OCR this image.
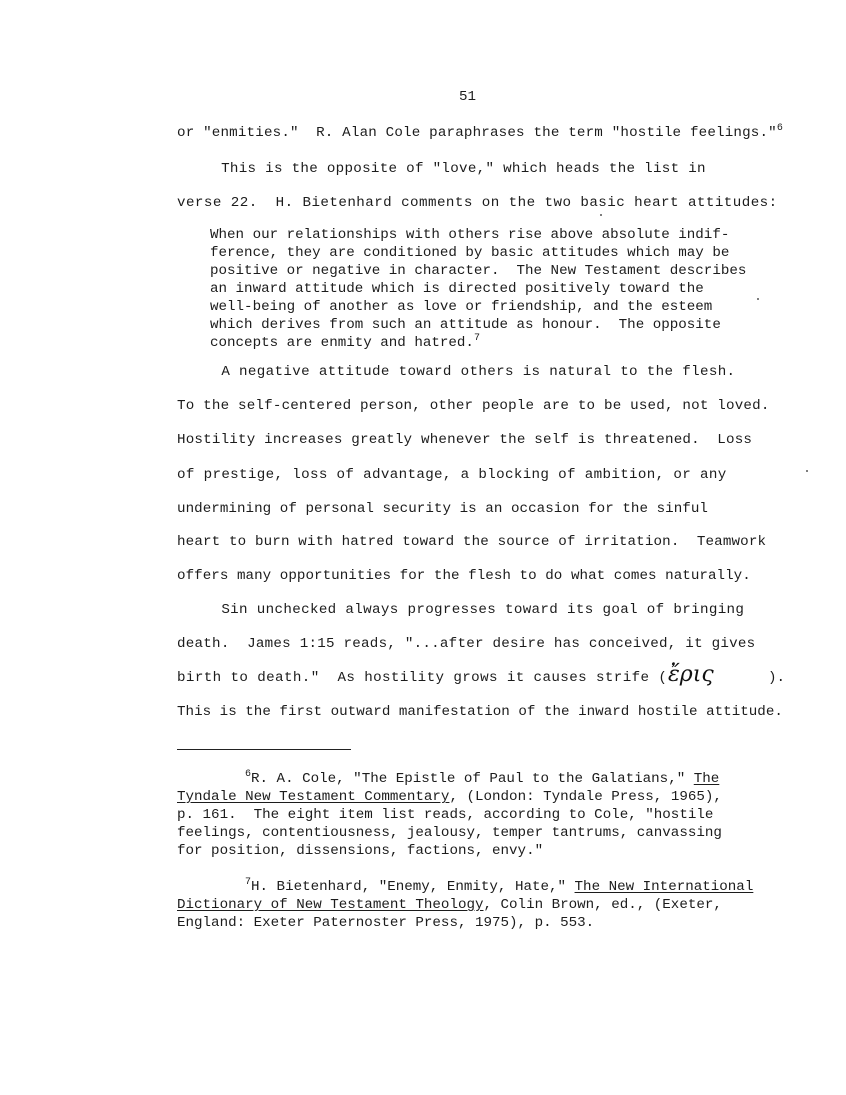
51
or "enmities."  R. Alan Cole paraphrases the term "hostile feelings."$^6$
This is the opposite of "love," which heads the list in
verse 22.  H. Bietenhard comments on the two basic heart attitudes:
When our relationships with others rise above absolute indif-
ference, they are conditioned by basic attitudes which may be
positive or negative in character.  The New Testament describes
an inward attitude which is directed positively toward the
well-being of another as love or friendship, and the esteem
which derives from such an attitude as honour.  The opposite
concepts are enmity and hatred.$^7$
A negative attitude toward others is natural to the flesh.
To the self-centered person, other people are to be used, not loved.
Hostility increases greatly whenever the self is threatened.  Loss
of prestige, loss of advantage, a blocking of ambition, or any
undermining of personal security is an occasion for the sinful
heart to burn with hatred toward the source of irritation.  Teamwork
offers many opportunities for the flesh to do what comes naturally.
Sin unchecked always progresses toward its goal of bringing
death.  James 1:15 reads, "...after desire has conceived, it gives
birth to death."  As hostility grows it causes strife ( ἔρις	).
This is the first outward manifestation of the inward hostile attitude.
$^6$R. A. Cole, "The Epistle of Paul to the Galatians," The
Tyndale New Testament Commentary, (London: Tyndale Press, 1965),
p. 161.  The eight item list reads, according to Cole, "hostile
feelings, contentiousness, jealousy, temper tantrums, canvassing
for position, dissensions, factions, envy."
$^7$H. Bietenhard, "Enemy, Enmity, Hate," The New International
Dictionary of New Testament Theology, Colin Brown, ed., (Exeter,
England: Exeter Paternoster Press, 1975), p. 553.
